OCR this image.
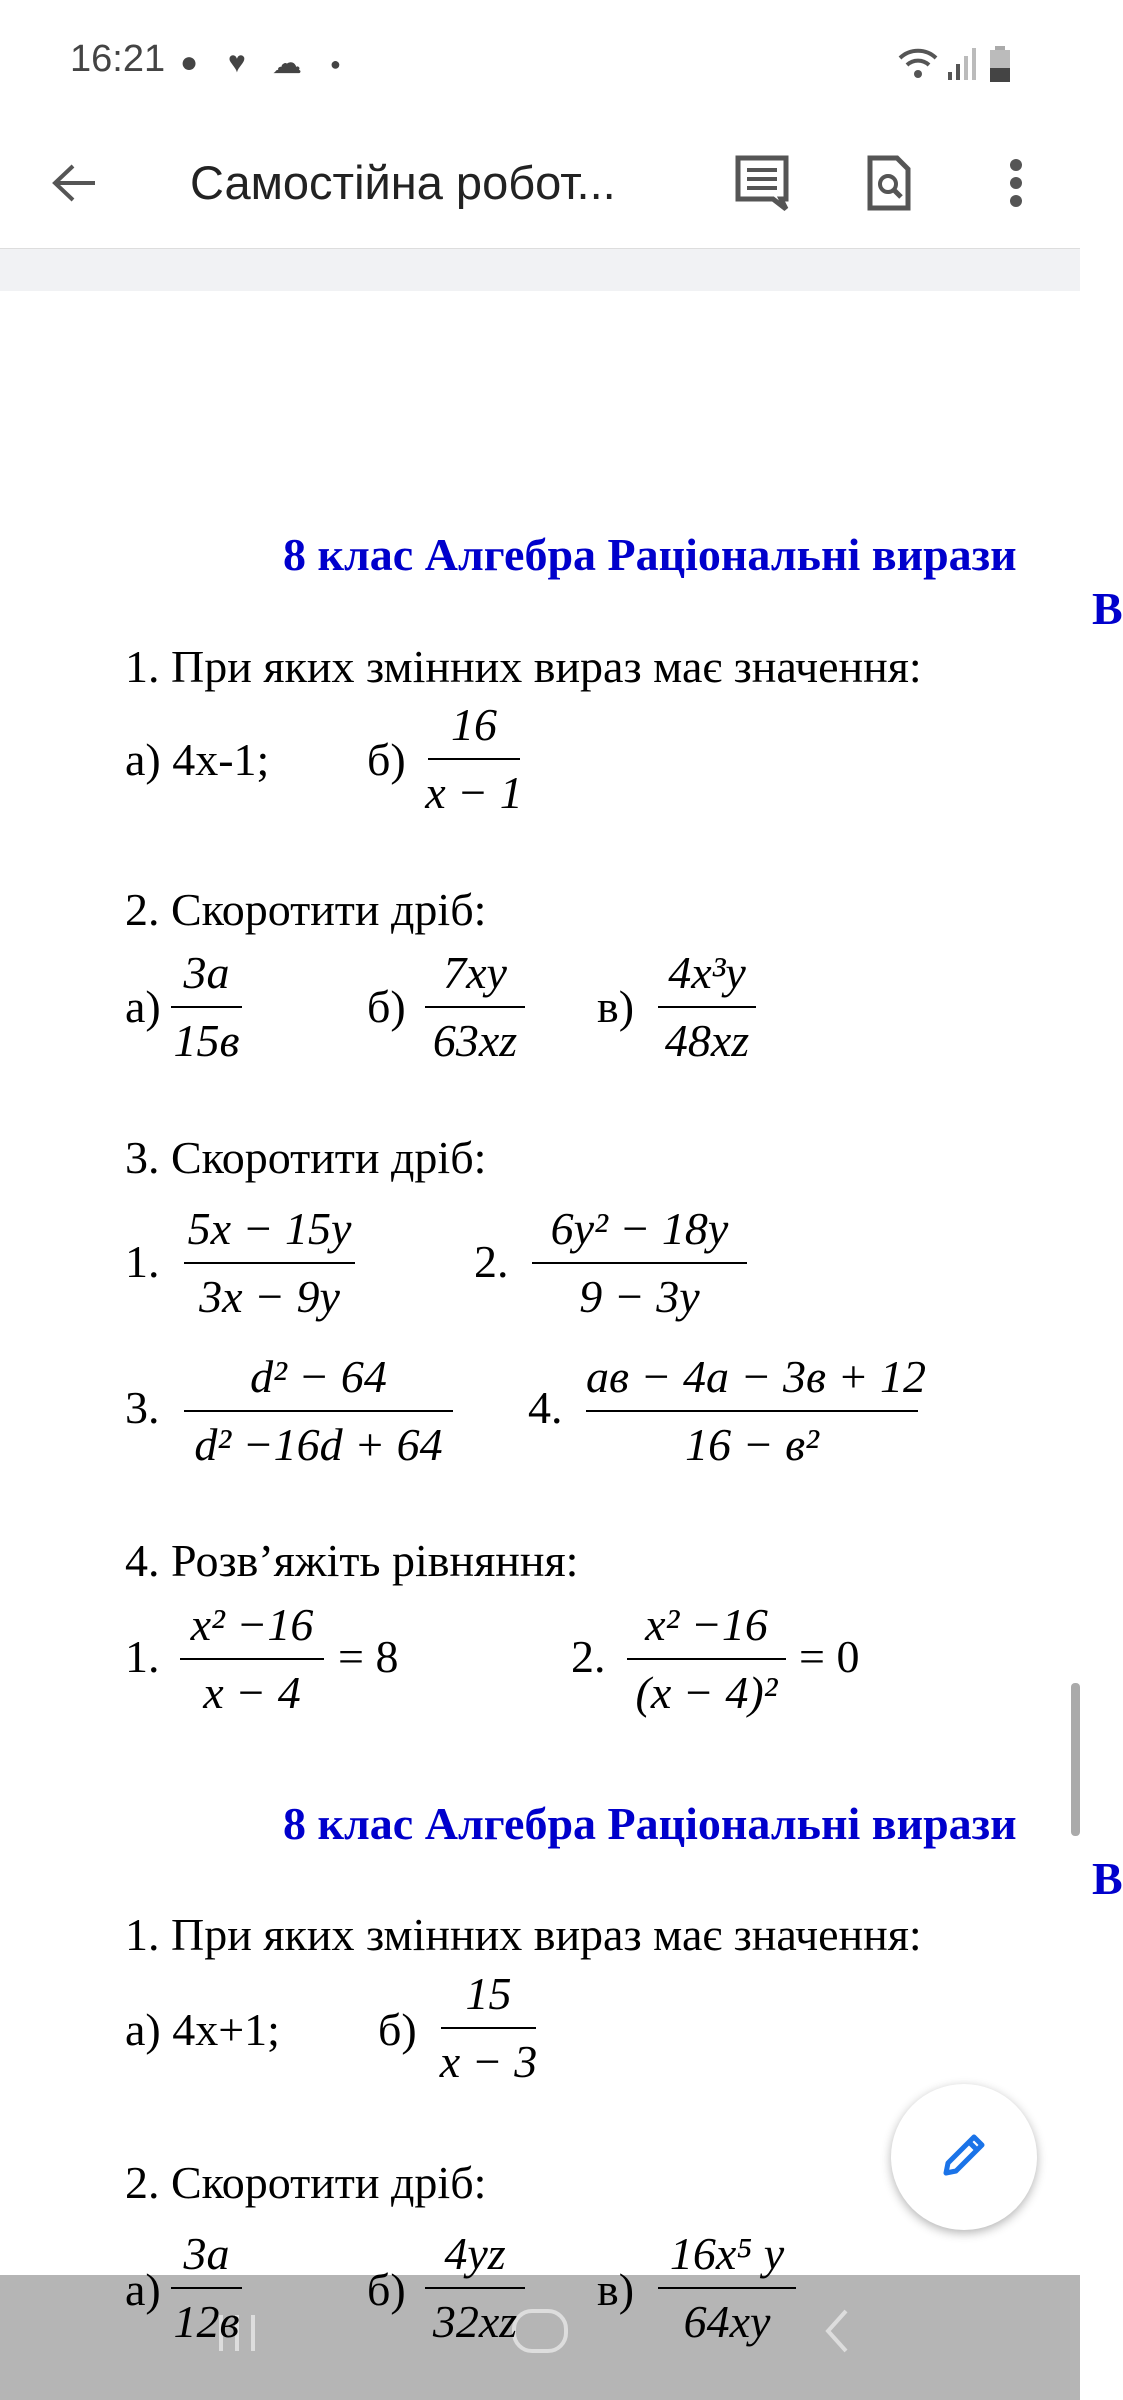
16:21 ● ♥ ☁ ●
Самостійна робот...
8 клас Алгебра Раціональні вирази
В
1. При яких змінних вираз має значення:
а) 4х-1; $б) \frac{16}{x - 1}$
2. Скоротити дріб:
а)
3a
15в
$б) \frac{7xy}{63xz} в) \frac{\text{4x³y}}{48xz}$
3. Скоротити дріб:
1. $\frac{5x - 15y}{3x - 9y}$	2. $\frac{\text{6y² − 18y}}{9 - 3y}$
3. $\frac{\text{d² − 64}}{\text{d² −16d + 64}} 4$.
aв − 4a − 3в + 12
16 − в²
4. Розв’яжіть рівняння:
1. $\frac{\text{x² −16}}{x - 4} = 8$	2. $\frac{\text{x² −16}}{\text{(x − 4)²}} = 0$
8 клас Алгебра Раціональні вирази
В
1. При яких змінних вираз має значення:
а) 4х+1; $б) \frac{15}{x - 3}$
2. Скоротити дріб:
а)
3a
12в
$б) \frac{4yz}{32xz} в) \frac{\text{16x⁵ y}}{64xy}$
